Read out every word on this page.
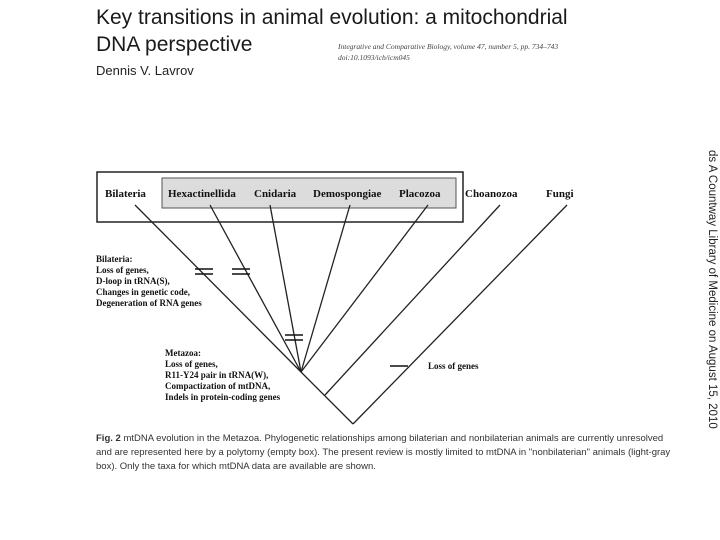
Key transitions in animal evolution: a mitochondrial
DNA perspective
Dennis V. Lavrov
Integrative and Comparative Biology, volume 47, number 5, pp. 734–743
doi:10.1093/icb/icm045
ds A Countway Library of Medicine on August 15, 2010
Bilateria Hexactinellida Cnidaria Demospongiae Placozoa Choanozoa	Fungi
Bilateria:
Loss of genes,
D-loop in tRNA(S),
Changes in genetic code,
Degeneration of RNA genes
Metazoa:
Loss of genes,
R11-Y24 pair in tRNA(W),
Compactization of mtDNA,
Indels in protein-coding genes
Loss of genes
Fig. 2 mtDNA evolution in the Metazoa. Phylogenetic relationships among bilaterian and nonbilaterian animals are currently unresolved and are represented here by a polytomy (empty box). The present review is mostly limited to mtDNA in "nonbilaterian" animals (light-gray box). Only the taxa for which mtDNA data are available are shown.
